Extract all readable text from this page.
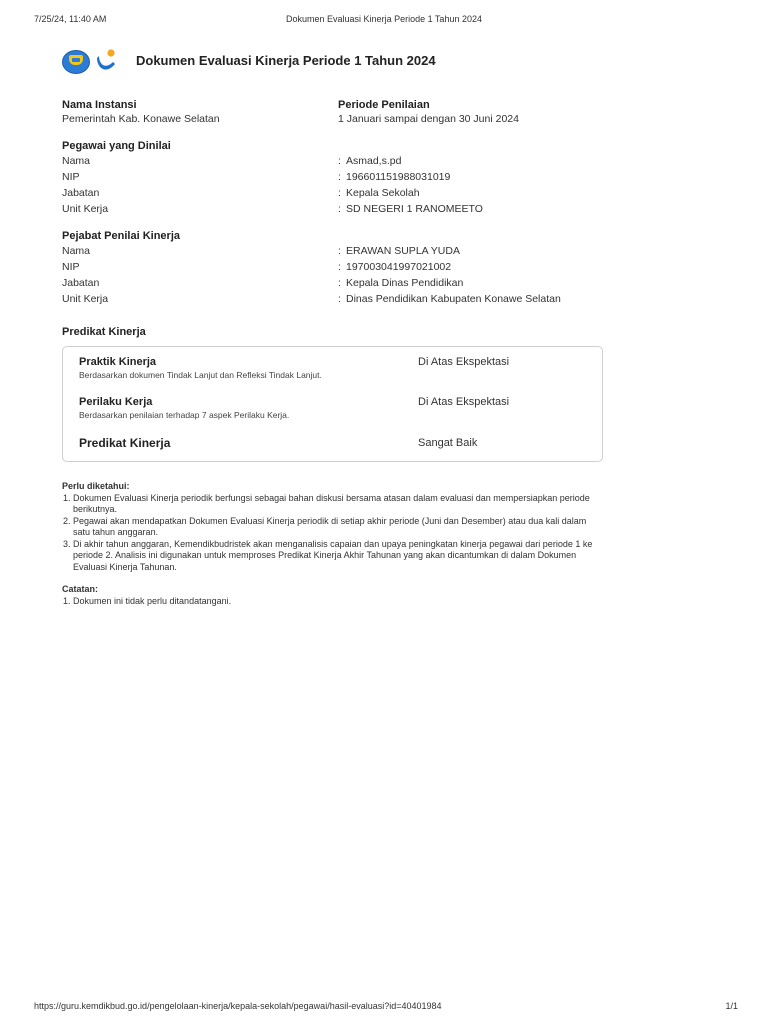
7/25/24, 11:40 AM	Dokumen Evaluasi Kinerja Periode 1 Tahun 2024
Dokumen Evaluasi Kinerja Periode 1 Tahun 2024
Nama Instansi
Pemerintah Kab. Konawe Selatan
Periode Penilaian
1 Januari sampai dengan 30 Juni 2024
Pegawai yang Dinilai
Nama	: Asmad,s.pd
NIP	: 196601151988031019
Jabatan	: Kepala Sekolah
Unit Kerja	: SD NEGERI 1 RANOMEETO
Pejabat Penilai Kinerja
Nama	: ERAWAN SUPLA YUDA
NIP	: 197003041997021002
Jabatan	: Kepala Dinas Pendidikan
Unit Kerja	: Dinas Pendidikan Kabupaten Konawe Selatan
Predikat Kinerja
Praktik Kinerja
Berdasarkan dokumen Tindak Lanjut dan Refleksi Tindak Lanjut.
Di Atas Ekspektasi
Perilaku Kerja
Berdasarkan penilaian terhadap 7 aspek Perilaku Kerja.
Di Atas Ekspektasi
Predikat Kinerja	Sangat Baik
Perlu diketahui:
1. Dokumen Evaluasi Kinerja periodik berfungsi sebagai bahan diskusi bersama atasan dalam evaluasi dan mempersiapkan periode berikutnya.
2. Pegawai akan mendapatkan Dokumen Evaluasi Kinerja periodik di setiap akhir periode (Juni dan Desember) atau dua kali dalam satu tahun anggaran.
3. Di akhir tahun anggaran, Kemendikbudristek akan menganalisis capaian dan upaya peningkatan kinerja pegawai dari periode 1 ke periode 2. Analisis ini digunakan untuk memproses Predikat Kinerja Akhir Tahunan yang akan dicantumkan di dalam Dokumen Evaluasi Kinerja Tahunan.
Catatan:
1. Dokumen ini tidak perlu ditandatangani.
https://guru.kemdikbud.go.id/pengelolaan-kinerja/kepala-sekolah/pegawai/hasil-evaluasi?id=40401984	1/1
